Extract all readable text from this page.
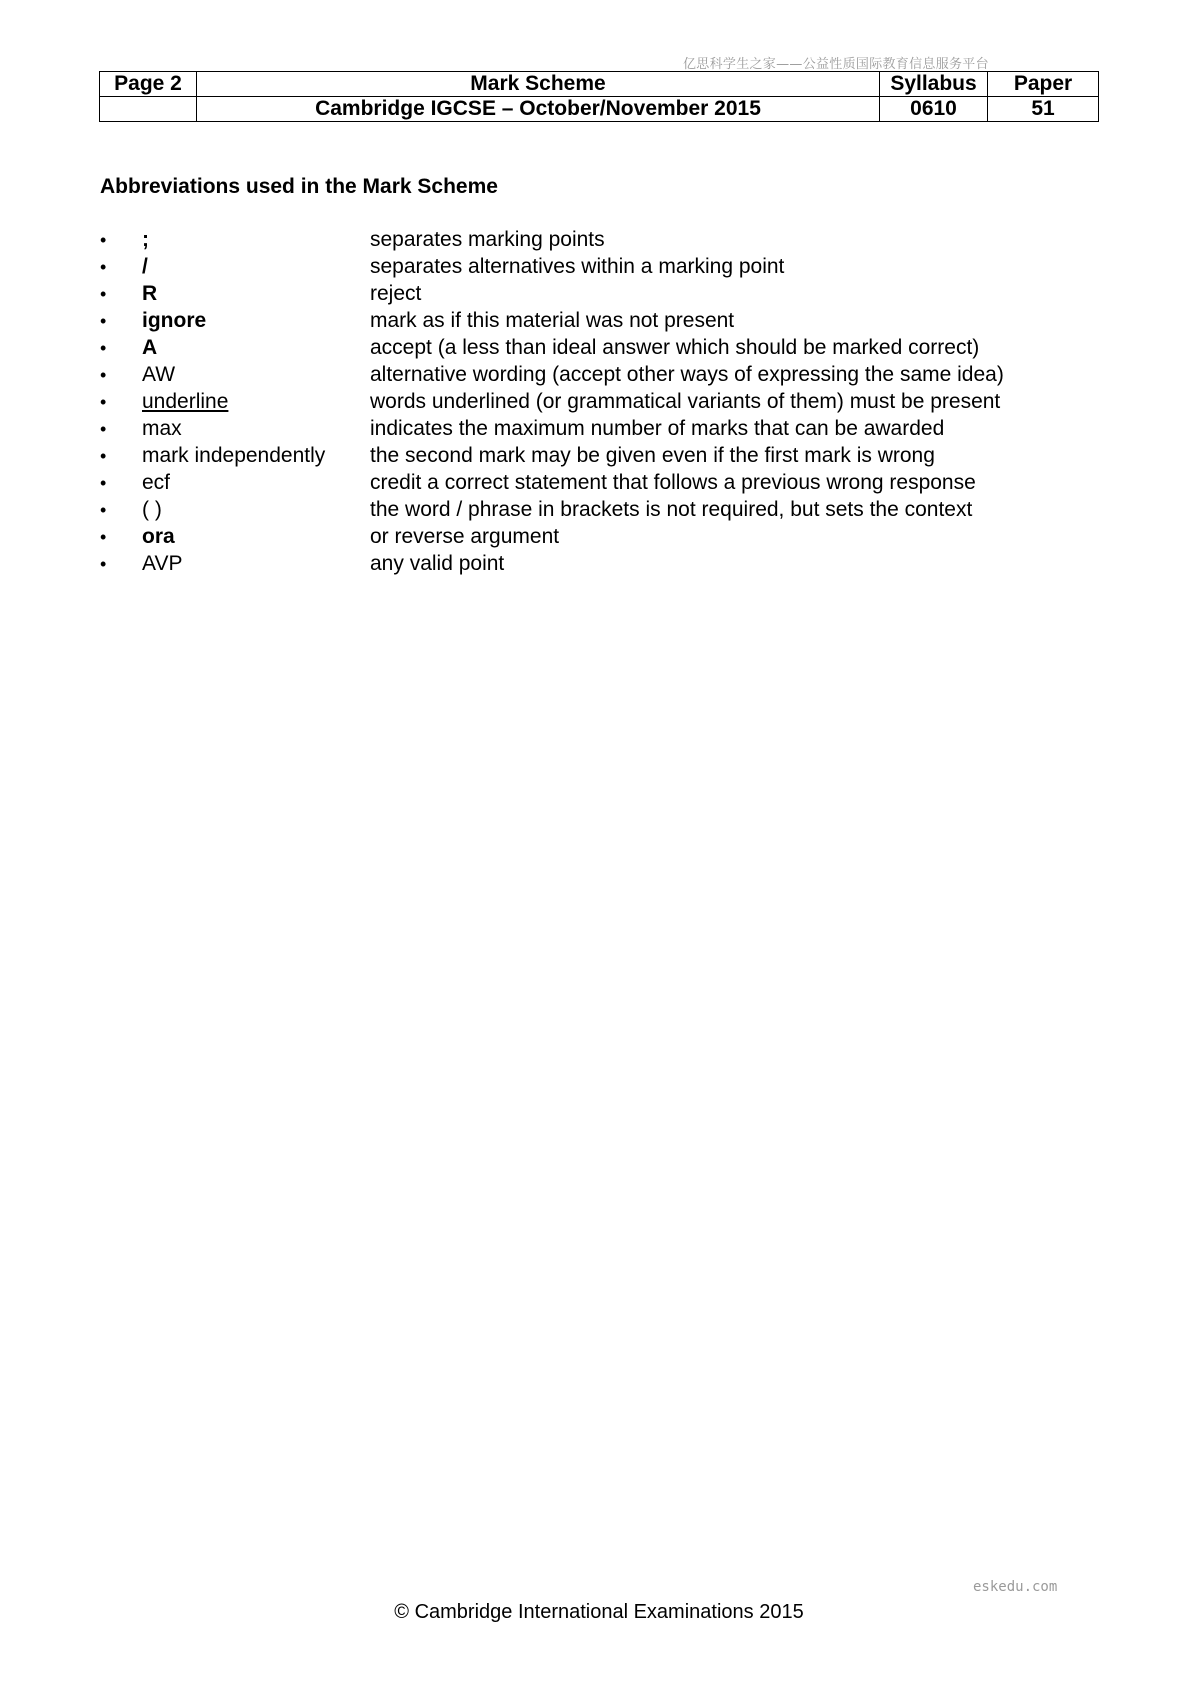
亿思科学生之家——公益性质国际教育信息服务平台
Page 2	Mark Scheme	Syllabus	Paper
	Cambridge IGCSE – October/November 2015	0610	51
Abbreviations used in the Mark Scheme
•	;	separates marking points
•	/	separates alternatives within a marking point
•	R	reject
•	ignore	mark as if this material was not present
•	A	accept (a less than ideal answer which should be marked correct)
•	AW	alternative wording (accept other ways of expressing the same idea)
•	underline	words underlined (or grammatical variants of them) must be present
•	max	indicates the maximum number of marks that can be awarded
•	mark independently	the second mark may be given even if the first mark is wrong
•	ecf	credit a correct statement that follows a previous wrong response
•	( )	the word / phrase in brackets is not required, but sets the context
•	ora	or reverse argument
•	AVP	any valid point
eskedu.com
© Cambridge International Examinations 2015
